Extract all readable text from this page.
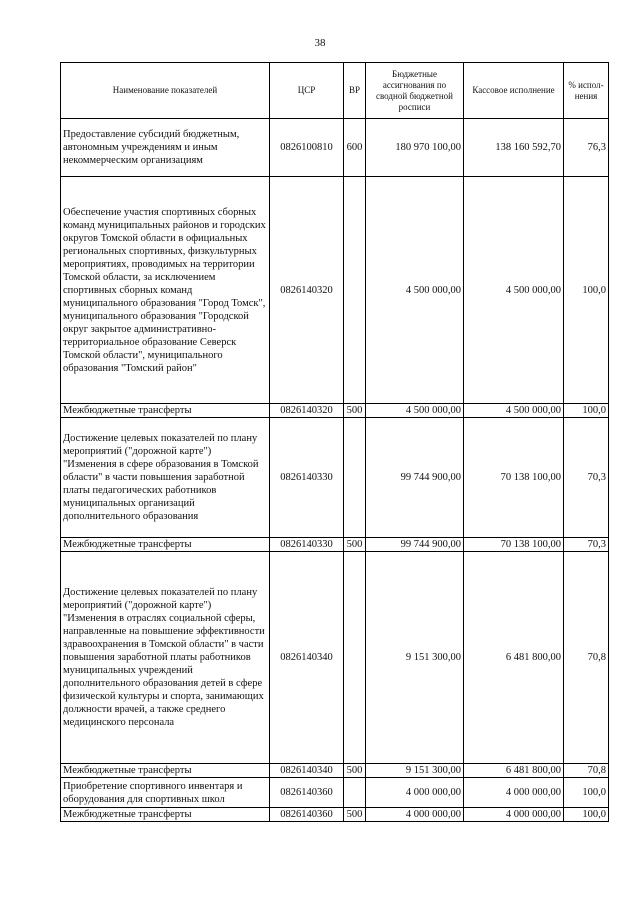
38
Наименование показателей	ЦСР	ВР	Бюджетные ассигнования по сводной бюджетной росписи	Кассовое исполнение	% испол-нения
Предоставление субсидий бюджетным, автономным учреждениям и иным некоммерческим организациям	0826100810	600	180 970 100,00	138 160 592,70	76,3
Обеспечение участия спортивных сборных команд муниципальных районов и городских округов Томской области в официальных региональных спортивных, физкультурных мероприятиях, проводимых на территории Томской области, за исключением спортивных сборных команд муниципального образования "Город Томск", муниципального образования "Городской округ закрытое административно-территориальное образование Северск Томской области", муниципального образования "Томский район"	0826140320		4 500 000,00	4 500 000,00	100,0
Межбюджетные трансферты	0826140320	500	4 500 000,00	4 500 000,00	100,0
Достижение целевых показателей по плану мероприятий ("дорожной карте") "Изменения в сфере образования в Томской области" в части повышения заработной платы педагогических работников муниципальных организаций дополнительного образования	0826140330		99 744 900,00	70 138 100,00	70,3
Межбюджетные трансферты	0826140330	500	99 744 900,00	70 138 100,00	70,3
Достижение целевых показателей по плану мероприятий ("дорожной карте") "Изменения в отраслях социальной сферы, направленные на повышение эффективности здравоохранения в Томской области" в части повышения заработной платы работников муниципальных учреждений дополнительного образования детей в сфере физической культуры и спорта, занимающих должности врачей, а также среднего медицинского персонала	0826140340		9 151 300,00	6 481 800,00	70,8
Межбюджетные трансферты	0826140340	500	9 151 300,00	6 481 800,00	70,8
Приобретение спортивного инвентаря и оборудования для спортивных школ	0826140360		4 000 000,00	4 000 000,00	100,0
Межбюджетные трансферты	0826140360	500	4 000 000,00	4 000 000,00	100,0
